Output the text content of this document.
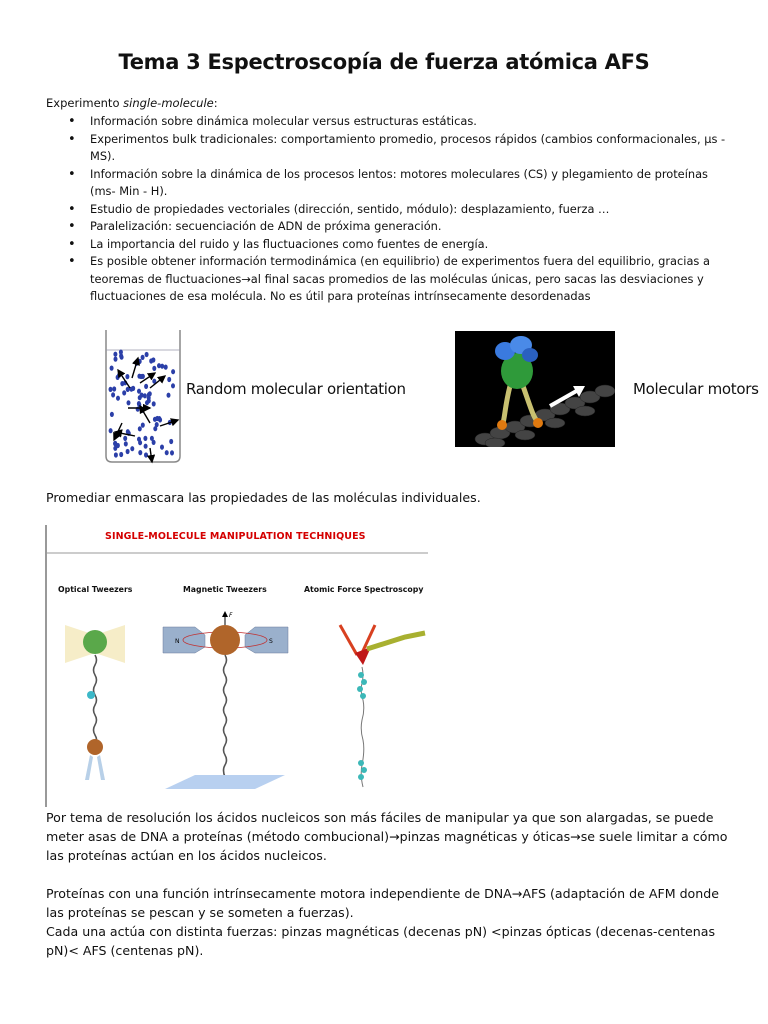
Tema 3 Espectroscopía de fuerza atómica AFS
Experimento single-molecule:
• Información sobre dinámica molecular versus estructuras estáticas.
• Experimentos bulk tradicionales: comportamiento promedio, procesos rápidos (cambios conformacionales, µs - MS).
• Información sobre la dinámica de los procesos lentos: motores moleculares (CS) y plegamiento de proteínas (ms- Min - H).
• Estudio de propiedades vectoriales (dirección, sentido, módulo): desplazamiento, fuerza …
• Paralelización: secuenciación de ADN de próxima generación.
• La importancia del ruido y las fluctuaciones como fuentes de energía.
• Es posible obtener información termodinámica (en equilibrio) de experimentos fuera del equilibrio, gracias a teoremas de fluctuaciones→al final sacas promedios de las moléculas únicas, pero sacas las desviaciones y fluctuaciones de esa molécula. No es útil para proteínas intrínsecamente desordenadas
Random molecular orientation	Molecular motors
Promediar enmascara las propiedades de las moléculas individuales.
N	S
F
SINGLE-MOLECULE MANIPULATION TECHNIQUES
Optical Tweezers	Magnetic Tweezers	Atomic Force Spectroscopy
Por tema de resolución los ácidos nucleicos son más fáciles de manipular ya que son alargadas, se puede meter asas de DNA a proteínas (método combucional)→pinzas magnéticas y óticas→se suele limitar a cómo las proteínas actúan en los ácidos nucleicos.
Proteínas con una función intrínsecamente motora independiente de DNA→AFS (adaptación de AFM donde las proteínas se pescan y se someten a fuerzas).
Cada una actúa con distinta fuerzas: pinzas magnéticas (decenas pN) <pinzas ópticas (decenas-centenas pN)< AFS (centenas pN).
